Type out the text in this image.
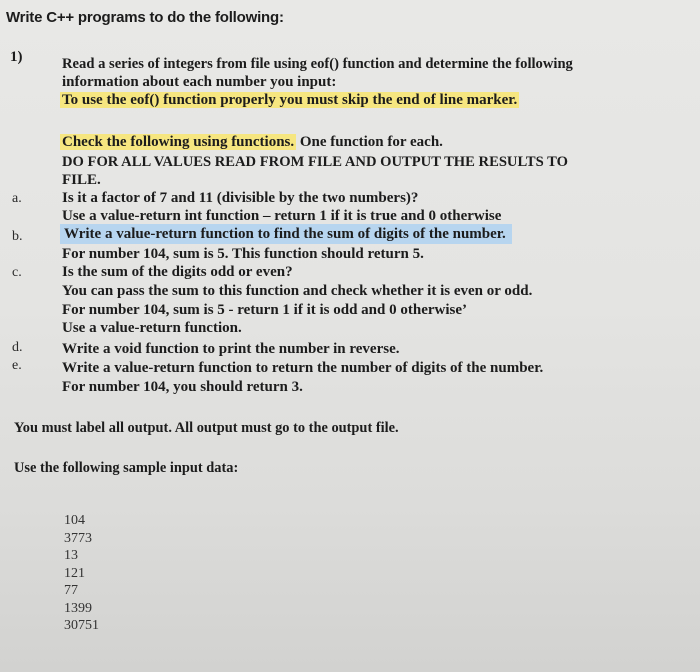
Write C++ programs to do the following:
1)	Read a series of integers from file using eof() function and determine the following
information about each number you input:
To use the eof() function properly you must skip the end of line marker.
Check the following using functions. One function for each.
DO FOR ALL VALUES READ FROM FILE AND OUTPUT THE RESULTS TO
FILE.
a.	Is it a factor of 7 and 11 (divisible by the two numbers)?
Use a value-return int function – return 1 if it is true and 0 otherwise
b.	Write a value-return function to find the sum of digits of the number.
For number 104, sum is 5. This function should return 5.
c.	Is the sum of the digits odd or even?
You can pass the sum to this function and check whether it is even or odd.
For number 104, sum is 5 - return 1 if it is odd and 0 otherwise’
Use a value-return function.
d.	Write a void function to print the number in reverse.
e.	Write a value-return function to return the number of digits of the number.
For number 104, you should return 3.
You must label all output. All output must go to the output file.
Use the following sample input data:
104
3773
13
121
77
1399
30751
